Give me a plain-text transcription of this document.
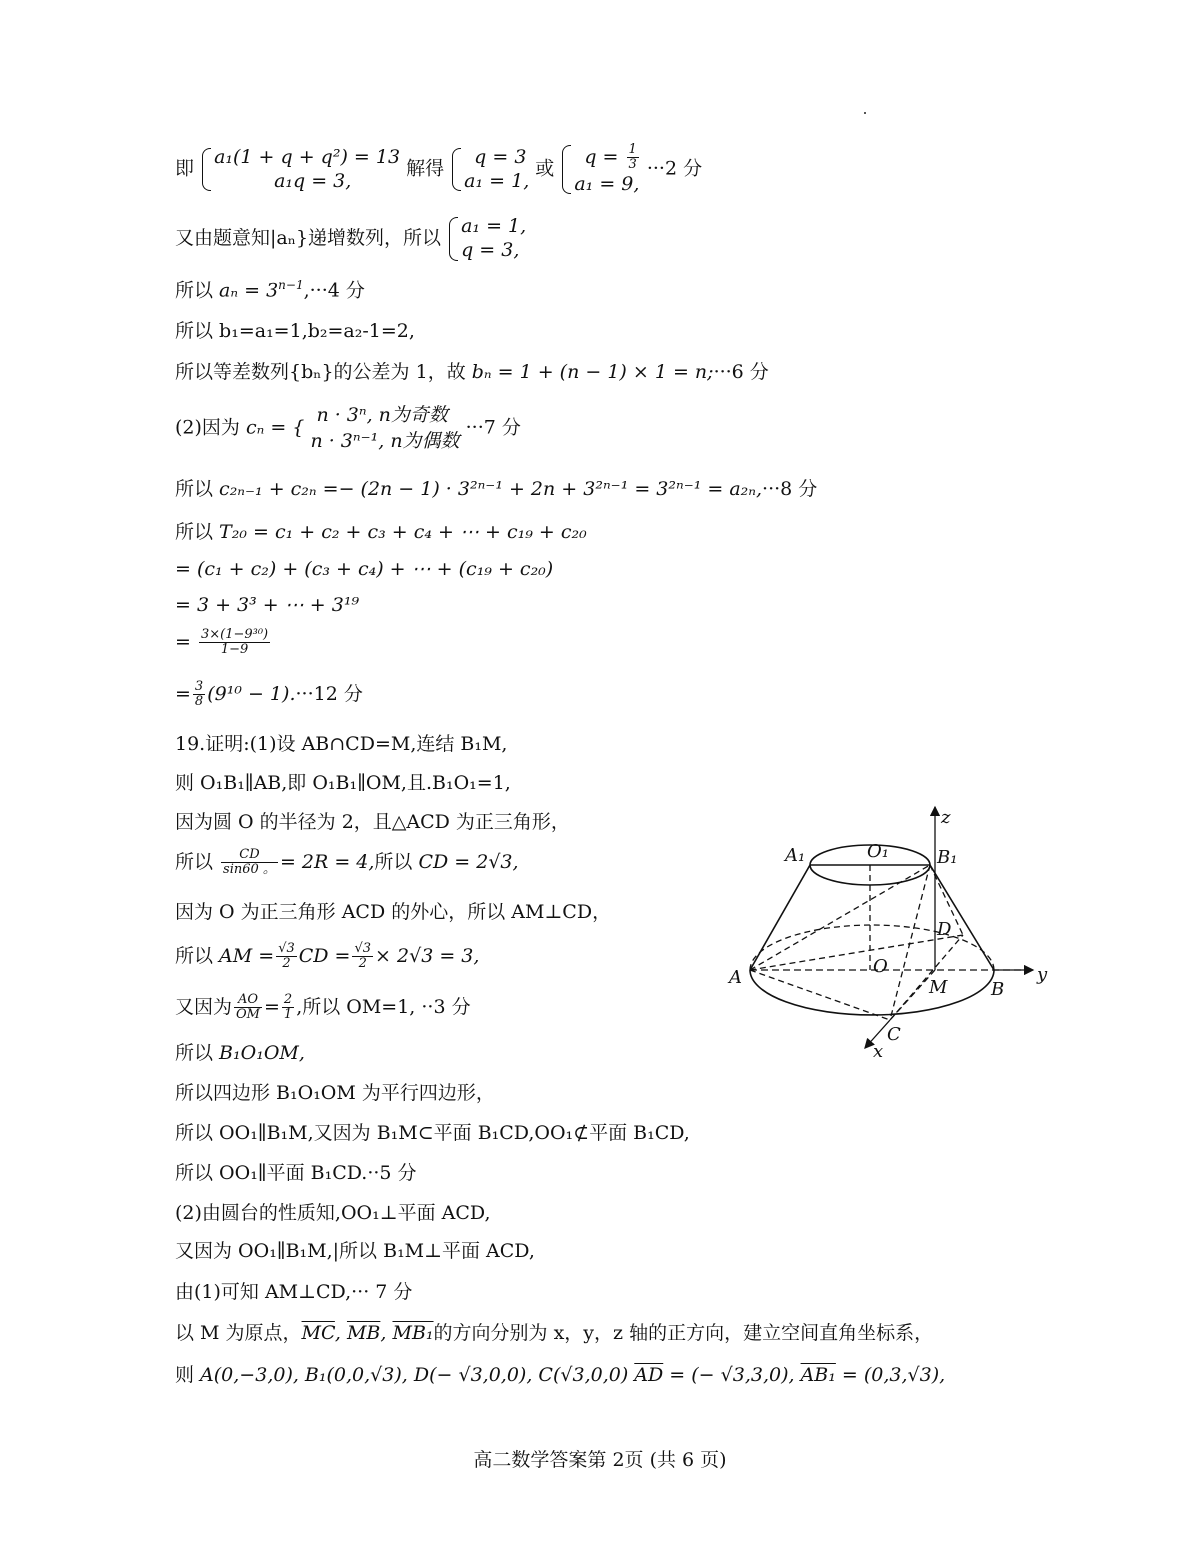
即
a₁(1 + q + q²) = 13
a₁q = 3,
解得
q = 3
a₁ = 1,
或
$q = \frac{1}{3}$
a₁ = 9,
···2 分
又由题意知|aₙ}递增数列，所以
a₁ = 1,
q = 3,
所以 $a_n = 3^{n-1},\cdot\cdot\cdot 4$ 分
所以 b₁=a₁=1,b₂=a₂-1=2,
所以等差数列{bₙ}的公差为 1，故 bₙ = 1 + (n − 1) × 1 = n;···6 分
(2)因为 cₙ = {
n · 3ⁿ, n为奇数
n · 3ⁿ⁻¹, n为偶数
···7 分
所以 c₂ₙ₋₁ + c₂ₙ =− (2n − 1) · 3²ⁿ⁻¹ + 2n + 3²ⁿ⁻¹ = 3²ⁿ⁻¹ = a₂ₙ,···8 分
所以 T₂₀ = c₁ + c₂ + c₃ + c₄ + ⋯ + c₁₉ + c₂₀
= (c₁ + c₂) + (c₃ + c₄) + ⋯ + (c₁₉ + c₂₀)
= 3 + 3³ + ⋯ + 3¹⁹
= $\frac{\text{3×(1−9³⁰)}}{1-9}$
= $\frac{3}{8} (9^{10} - 1).\cdot\cdot\cdot 12$ 分
19.证明:(1)设 AB∩CD=M,连结 B₁M,
则 O₁B₁∥AB,即 O₁B₁∥OM,且.B₁O₁=1,
因为圆 O 的半径为 2，且△ACD 为正三角形，
所以 $\frac{CD}{\sin 60 。} = 2R = 4$,所以 CD = 2√3,
因为 O 为正三角形 ACD 的外心，所以 AM⊥CD，
所以 AM = $\frac{√3}{2}$ CD = $\frac{√3}{2} \times 2√3 = 3$,
又因为 $\frac{AO}{OM} = \frac{2}{1}$ ,所以 OM=1, ··3 分
所以 B₁O₁OM,
所以四边形 B₁O₁OM 为平行四边形，
所以 OO₁∥B₁M,又因为 B₁M⊂平面 B₁CD,OO₁⊄平面 B₁CD,
所以 OO₁∥平面 B₁CD.··5 分
(2)由圆台的性质知,OO₁⊥平面 ACD,
又因为 OO₁∥B₁M,|所以 B₁M⊥平面 ACD,
由(1)可知 AM⊥CD,··· 7 分
以 M 为原点，$\overline{MC}$, $\overline{MB}$, MB₁的方向分别为 x，y，z 轴的正方向，建立空间直角坐标系，
则 A(0,−3,0), B₁(0,0,√3), D(− √3,0,0), C(√3,0,0) $\overline{AD}$ = (− √3,3,0), AB₁ = (0,3,√3),
A₁	O₁	B₁
z
D
O
A	M B
y
C
x
高二数学答案第 2页 (共 6 页)
